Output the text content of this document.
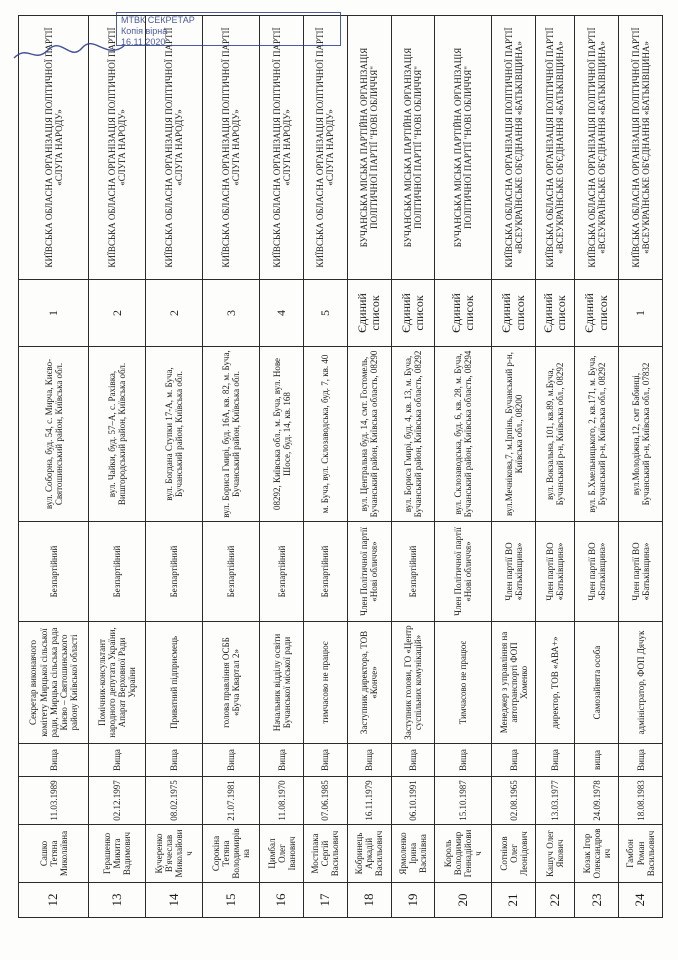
12	Сашко Тетяна Миколаївна	11.03.1989	Вища	Секретар виконавчого комітету Мирцької сільської ради, Мирцька сільська рада Києво – Святошинського району Київської області	Безпартійний	вул. Соборна, буд. 54, с. Мирча, Києво-Святошинський район, Київська обл.	1	КИЇВСЬКА ОБЛАСНА ОРГАНІЗАЦІЯ ПОЛІТИЧНОЇ ПАРТІЇ «СЛУГА НАРОДУ»
13	Герашенко Микита Вадимович	02.12.1997	Вища	Помічник-консультант народного депутата України, Апарат Верховної Ради України	Безпартійний	вул. Чайки, буд. 57–А, с. Рахівка, Вишгородський район, Київська обл.	2	КИЇВСЬКА ОБЛАСНА ОРГАНІЗАЦІЯ ПОЛІТИЧНОЇ ПАРТІЇ «СЛУГА НАРОДУ»
14	Кучеренко В'ячеслав Миколайович	08.02.1975	Вища	Приватний підприємець	Безпартійний	вул. Богдана Ступки 17-А, м. Буча, Бучанський район, Київська обл.	2	КИЇВСЬКА ОБЛАСНА ОРГАНІЗАЦІЯ ПОЛІТИЧНОЇ ПАРТІЇ «СЛУГА НАРОДУ»
15	Сорокіна Тетяна Володимирівна	21.07.1981	Вища	голова правління ОСББ «Буча Квартал 2»	Безпартійний	вул. Бориса Гмирі, буд. 16А, кв. 82, м. Буча, Бучанський район, Київська обл.	3	КИЇВСЬКА ОБЛАСНА ОРГАНІЗАЦІЯ ПОЛІТИЧНОЇ ПАРТІЇ «СЛУГА НАРОДУ»
16	Цимбал Олег Іванович	11.08.1970	Вища	Начальник відділу освіти Бучанської міської ради	Безпартійний	08292, Київська обл., м. Буча, вул. Нове Шосе, буд. 14, кв. 168	4	КИЇВСЬКА ОБЛАСНА ОРГАНІЗАЦІЯ ПОЛІТИЧНОЇ ПАРТІЇ «СЛУГА НАРОДУ»
17	Мостіпака Сергій Васильович	07.06.1985	Вища	тимчасово не працює	Безпартійний	м. Буча, вул. Склозаводська, буд. 7, кв. 40	5	КИЇВСЬКА ОБЛАСНА ОРГАНІЗАЦІЯ ПОЛІТИЧНОЇ ПАРТІЇ «СЛУГА НАРОДУ»
18	Кобрин​ець Аркадій Васильович	16.11.1979	Вища	Заступник директора, ТОВ «Конче»	Член Політичної партії «Нові обличчя»	вул. Центральна буд. 14, смт. Гостомель, Бучанський район, Київська область, 08290	Єдиний список	БУЧАНСЬКА МІСЬКА ПАРТІЙНА ОРГАНІЗАЦІЯ ПОЛІТИЧНОЇ ПАРТІЇ "НОВІ ОБЛИЧЧЯ"
19	Ярмоленко Ірина Василівна	06.10.1991	Вища	Заступник голови, ГО «Центр суспільних комунікацій»	Безпартійний	вул. Бориса Гмирі, буд. 4, кв. 13, м. Буча, Бучанський район, Київська область, 08292	Єдиний список	БУЧАНСЬКА МІСЬКА ПАРТІЙНА ОРГАНІЗАЦІЯ ПОЛІТИЧНОЇ ПАРТІЇ "НОВІ ОБЛИЧЧЯ"
20	Король Володимир Геннадійович	15.10.1987	Вища	Тимчасово не працює	Член Політичної партії «Нові обличчя»	вул. Склозаводська, буд. 6, кв. 28, м. Буча, Бучанський район, Київська область, 08294	Єдиний список	БУЧАНСЬКА МІСЬКА ПАРТІЙНА ОРГАНІЗАЦІЯ ПОЛІТИЧНОЇ ПАРТІЇ "НОВІ ОБЛИЧЧЯ"
21	Сотніков Олег Леонідович	02.08.1965	Вища	Менеджер з управління на автотранспорті ФОП Хоменко	Член партії ВО «Батьківщина»	вул.Мечнікова,7, м.Ірпінь, Бучанський р-н, Київська обл., 08200	Єдиний список	КИЇВСЬКА ОБЛАСНА ОРГАНІЗАЦІЯ ПОЛІТИЧНОЇ ПАРТІЇ «ВСЕУКРАЇНСЬКЕ ОБ'ЄДНАННЯ «БАТЬКІВЩИНА»
22	Кашуч Олег Якович	13.03.1977	Вища	директор, ТОВ «АВА+»	Член партії ВО «Батьківщина»	вул. Вокзальна, 101, кв.89, м.Буча, Бучанський р-н, Київська обл., 08292	Єдиний список	КИЇВСЬКА ОБЛАСНА ОРГАНІЗАЦІЯ ПОЛІТИЧНОЇ ПАРТІЇ «ВСЕУКРАЇНСЬКЕ ОБ'ЄДНАННЯ «БАТЬКІВЩИНА»
23	Козак Ігор Олександрович	24.09.1978	вища	Самозайнята особа	Член партії ВО «Батьківщина»	вул. Б.Хмельницького, 2, кв.171, м. Буча, Бучанський р-н, Київська обл., 08292	Єдиний список	КИЇВСЬКА ОБЛАСНА ОРГАНІЗАЦІЯ ПОЛІТИЧНОЇ ПАРТІЇ «ВСЕУКРАЇНСЬКЕ ОБ'ЄДНАННЯ «БАТЬКІВЩИНА»
24	Гамбон Роман Васильович	18.08.1983	Вища	адміністратор, ФОП Дячук	Член партії ВО «Батьківщина»	вул.Молодіжна,12, смт Бабинці, Бучанський р-н, Київська обл., 07832	1	КИЇВСЬКА ОБЛАСНА ОРГАНІЗАЦІЯ ПОЛІТИЧНОЇ ПАРТІЇ «ВСЕУКРАЇНСЬКЕ ОБ'ЄДНАННЯ «БАТЬКІВЩИНА»
МТВК СЕКРЕТАР
Копія вірна
16.11.2020
